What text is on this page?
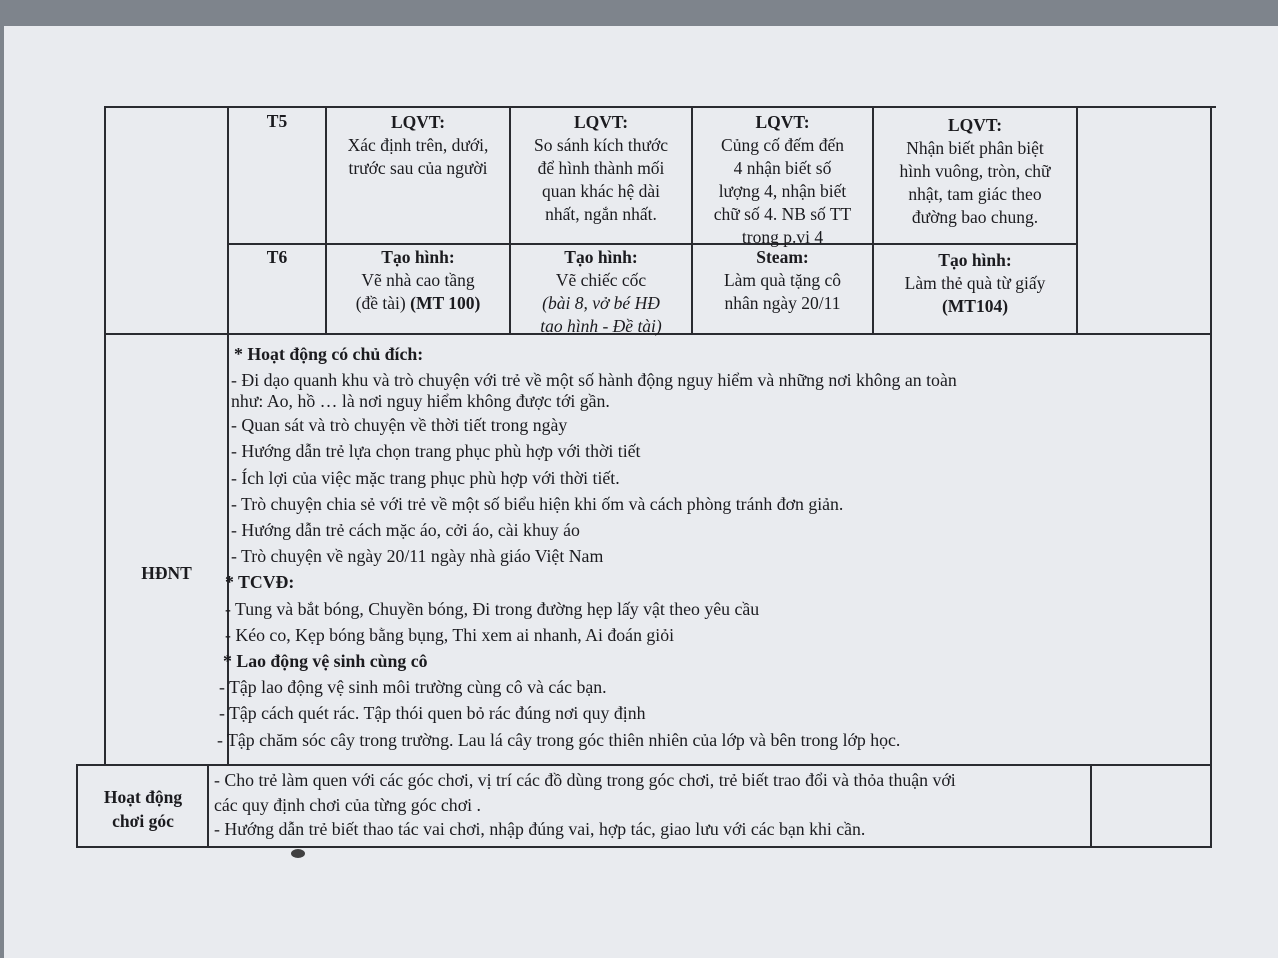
T5	LQVT:
Xác định trên, dưới,
trước sau của người
LQVT:
So sánh kích thước
để hình thành mối
quan khác hệ dài
nhất, ngắn nhất.
LQVT:
Củng cố đếm đến
4 nhận biết số
lượng 4, nhận biết
chữ số 4. NB số TT
trong p.vi 4
LQVT:
Nhận biết phân biệt
hình vuông, tròn, chữ
nhật, tam giác theo
đường bao chung.
T6	Tạo hình:
Vẽ nhà cao tầng
(đề tài) (MT 100)
Tạo hình:
Vẽ chiếc cốc
(bài 8, vở bé HĐ
tạo hình - Đề tài)
Steam:
Làm quà tặng cô
nhân ngày 20/11
Tạo hình:
Làm thẻ quà từ giấy
(MT104)
HĐNT
* Hoạt động có chủ đích:
- Đi dạo quanh khu và trò chuyện với trẻ về một số hành động nguy hiểm và những nơi không an toàn
như: Ao, hồ … là nơi nguy hiểm không được tới gần.
- Quan sát và trò chuyện về thời tiết trong ngày
- Hướng dẫn trẻ lựa chọn trang phục phù hợp với thời tiết
- Ích lợi của việc mặc trang phục phù hợp với thời tiết.
- Trò chuyện chia sẻ với trẻ về một số biểu hiện khi ốm và cách phòng tránh đơn giản.
- Hướng dẫn trẻ cách mặc áo, cởi áo, cài khuy áo
- Trò chuyện về ngày 20/11 ngày nhà giáo Việt Nam
* TCVĐ:
- Tung và bắt bóng, Chuyền bóng, Đi trong đường hẹp lấy vật theo yêu cầu
- Kéo co, Kẹp bóng bằng bụng, Thi xem ai nhanh, Ai đoán giỏi
* Lao động vệ sinh cùng cô
- Tập lao động vệ sinh môi trường cùng cô và các bạn.
- Tập cách quét rác. Tập thói quen bỏ rác đúng nơi quy định
- Tập chăm sóc cây trong trường. Lau lá cây trong góc thiên nhiên của lớp và bên trong lớp học.
Hoạt động
chơi góc
- Cho trẻ làm quen với các góc chơi, vị trí các đồ dùng trong góc chơi, trẻ biết trao đổi và thỏa thuận với
các quy định chơi của từng góc chơi .
- Hướng dẫn trẻ biết thao tác vai chơi, nhập đúng vai, hợp tác, giao lưu với các bạn khi cần.
